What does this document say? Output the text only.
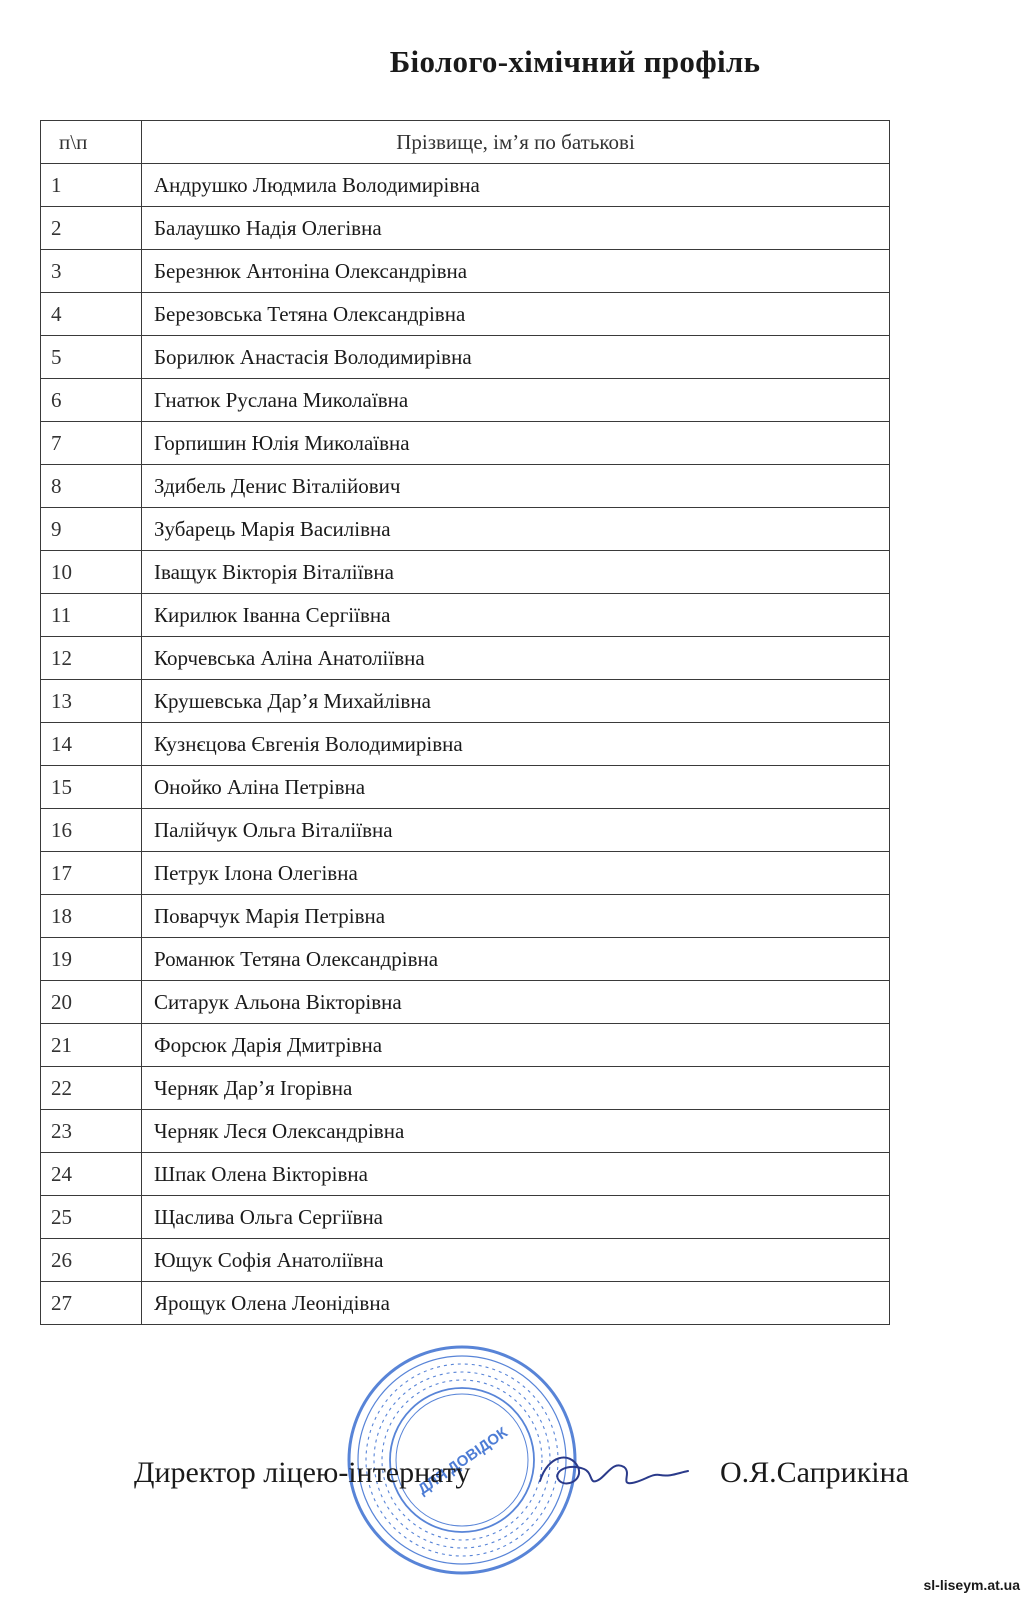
Біолого-хімічний профіль
п\п	Прізвище, ім’я по батькові
1	Андрушко Людмила Володимирівна
2	Балаушко Надія Олегівна
3	Березнюк Антоніна Олександрівна
4	Березовська Тетяна Олександрівна
5	Борилюк Анастасія Володимирівна
6	Гнатюк Руслана Миколаївна
7	Горпишин Юлія Миколаївна
8	Здибель Денис Віталійович
9	Зубарець Марія Василівна
10	Іващук Вікторія Віталіївна
11	Кирилюк Іванна Сергіївна
12	Корчевська Аліна Анатоліївна
13	Крушевська Дар’я Михайлівна
14	Кузнєцова Євгенія Володимирівна
15	Онойко Аліна Петрівна
16	Палійчук Ольга Віталіївна
17	Петрук Ілона Олегівна
18	Поварчук Марія Петрівна
19	Романюк Тетяна Олександрівна
20	Ситарук Альона Вікторівна
21	Форсюк Дарія Дмитрівна
22	Черняк Дар’я Ігорівна
23	Черняк Леся Олександрівна
24	Шпак Олена Вікторівна
25	Щаслива Ольга Сергіївна
26	Ющук Софія Анатоліївна
27	Ярощук Олена Леонідівна
ДЛЯ ДОВІДОК
Директор ліцею-інтернату	О.Я.Саприкіна
sl-liseym.at.ua
